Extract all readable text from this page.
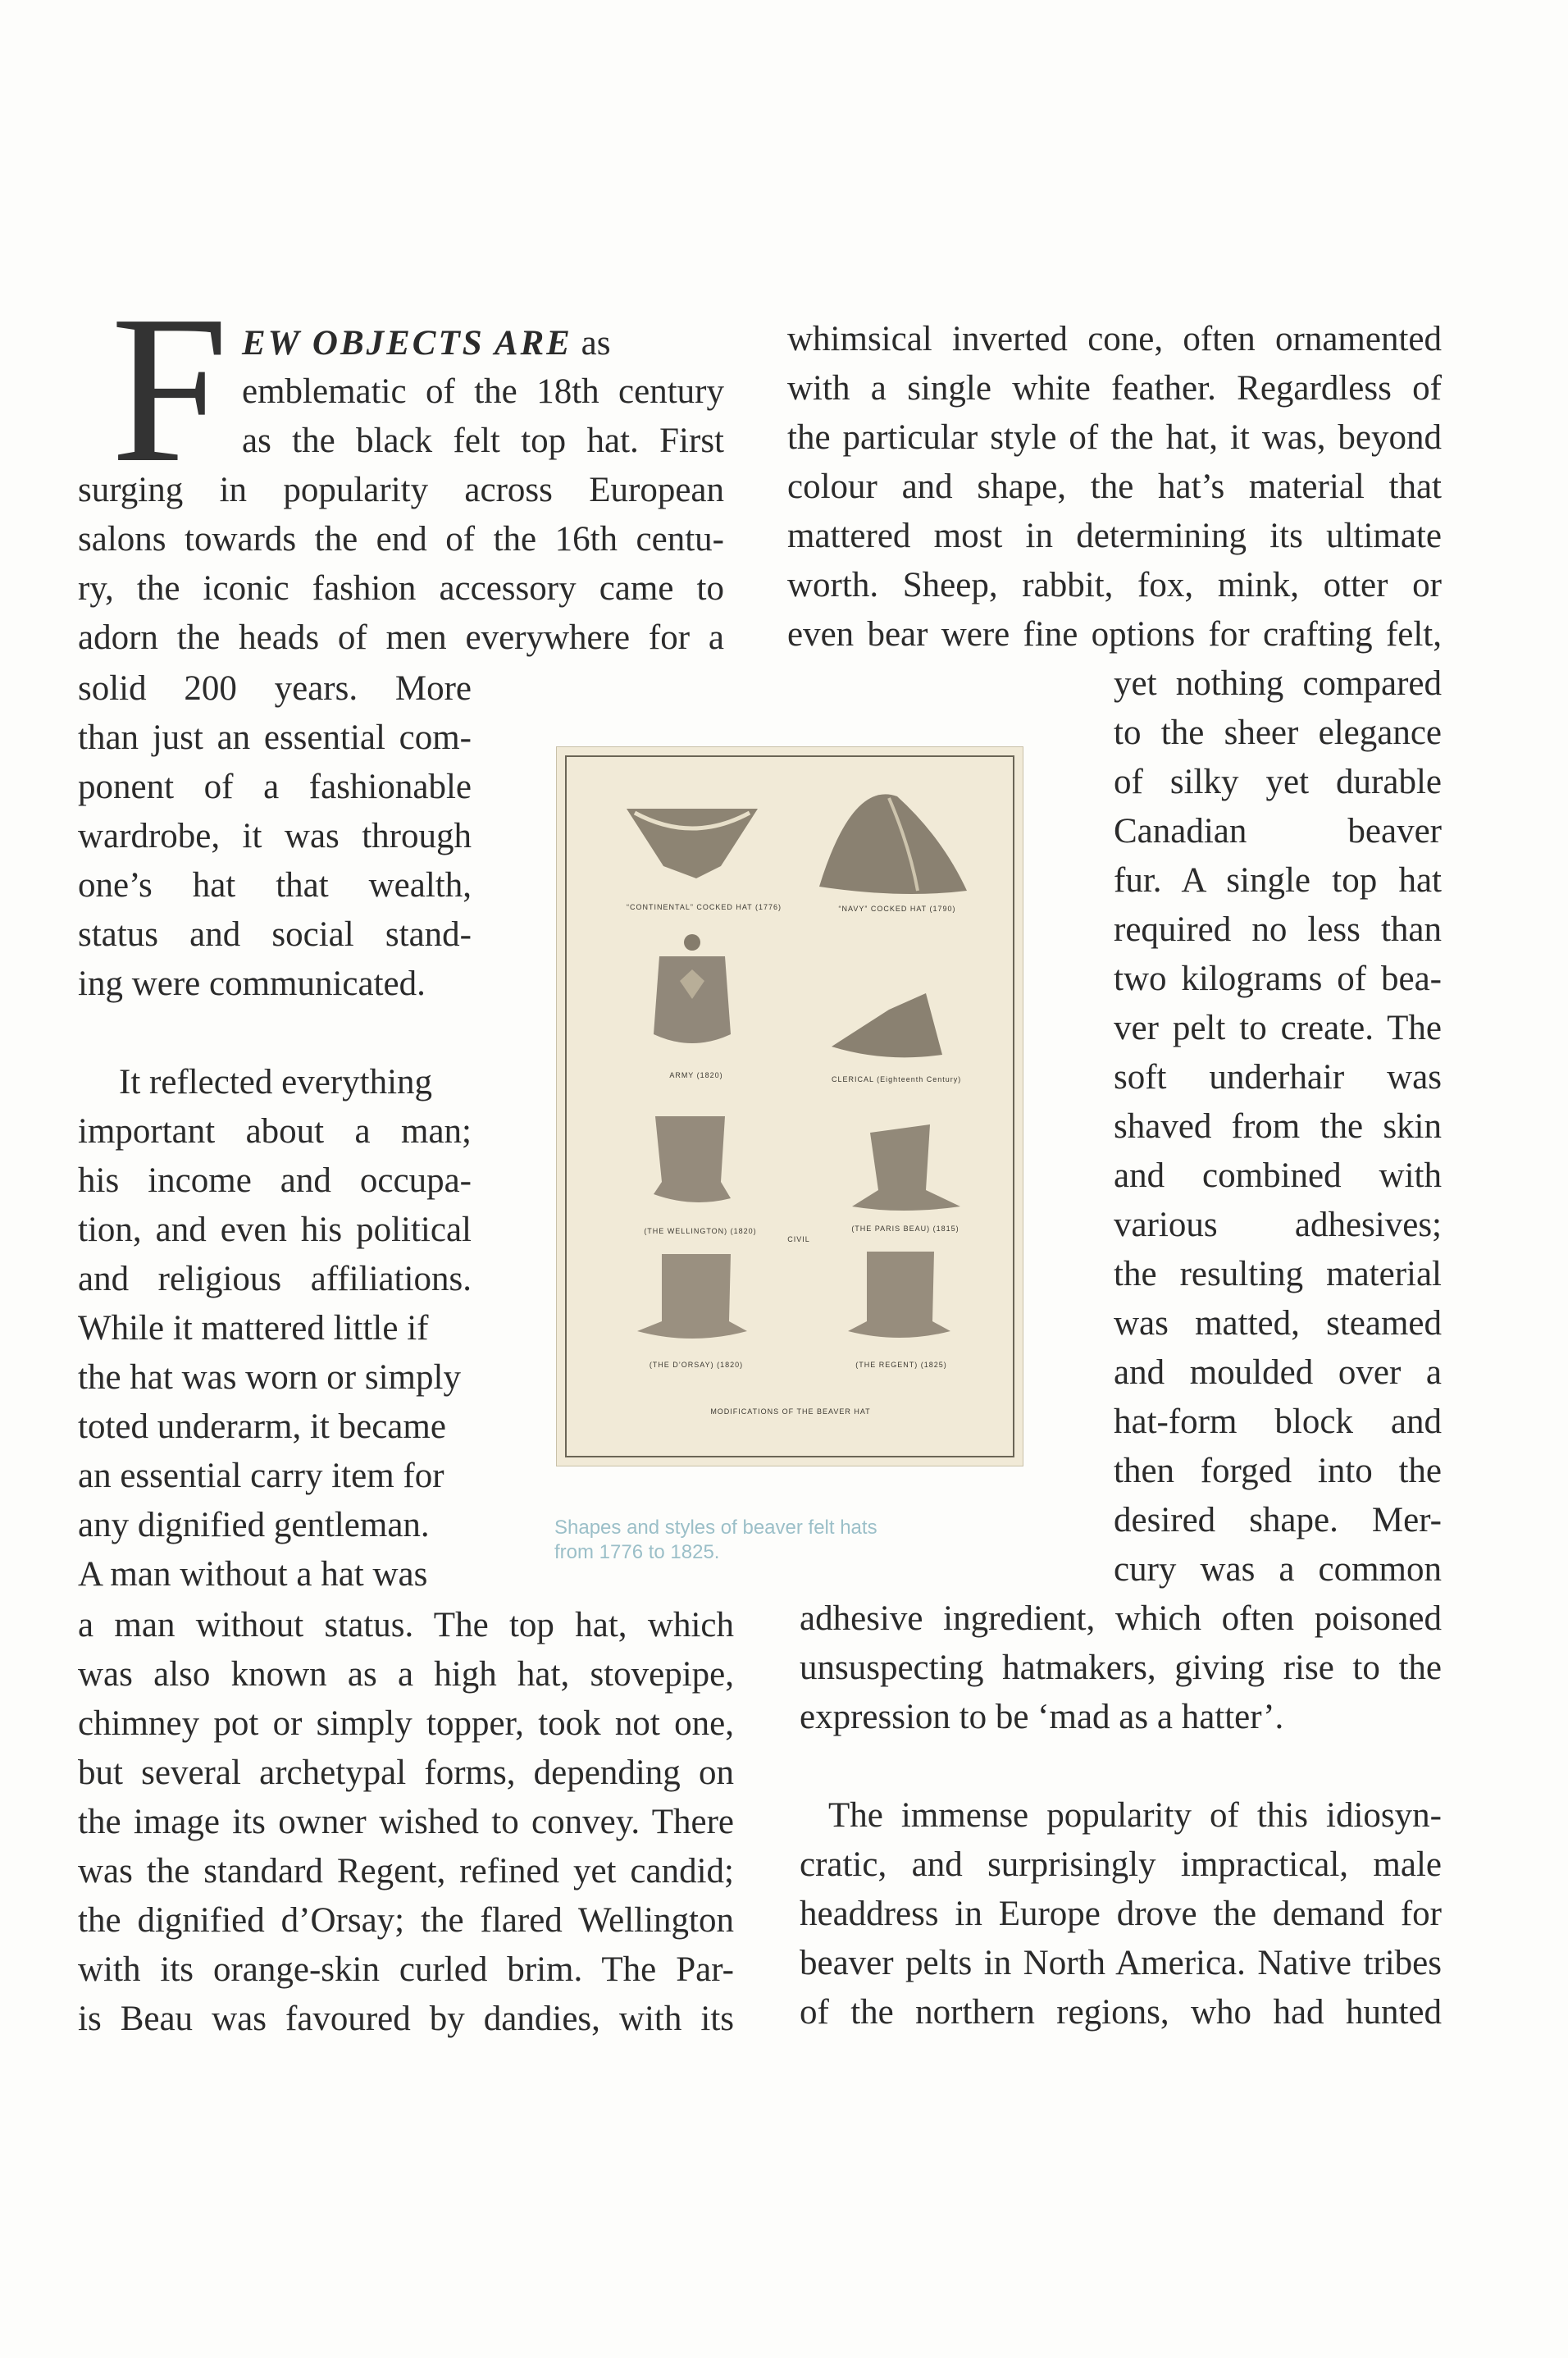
F EW OBJECTS ARE as
emblematic of the 18th century
as the black felt top hat. First
surging in popularity across European
salons towards the end of the 16th centu-
ry, the iconic fashion accessory came to
adorn the heads of men everywhere for a
solid 200 years. More
than just an essential com-
ponent of a fashionable
wardrobe, it was through
one’s hat that wealth,
status and social stand-
ing were communicated.
It reflected everything
important about a man;
his income and occupa-
tion, and even his political
and religious affiliations.
While it mattered little if
the hat was worn or simply
toted underarm, it became
an essential carry item for
any dignified gentleman.
A man without a hat was
a man without status. The top hat, which
was also known as a high hat, stovepipe,
chimney pot or simply topper, took not one,
but several archetypal forms, depending on
the image its owner wished to convey. There
was the standard Regent, refined yet candid;
the dignified d’Orsay; the flared Wellington
with its orange-skin curled brim. The Par-
is Beau was favoured by dandies, with its
whimsical inverted cone, often ornamented
with a single white feather. Regardless of
the particular style of the hat, it was, beyond
colour and shape, the hat’s material that
mattered most in determining its ultimate
worth. Sheep, rabbit, fox, mink, otter or
even bear were fine options for crafting felt,
yet nothing compared
to the sheer elegance
of silky yet durable
Canadian beaver
fur. A single top hat
required no less than
two kilograms of bea-
ver pelt to create. The
soft underhair was
shaved from the skin
and combined with
various adhesives;
the resulting material
was matted, steamed
and moulded over a
hat-form block and
then forged into the
desired shape. Mer-
cury was a common
adhesive ingredient, which often poisoned
unsuspecting hatmakers, giving rise to the
expression to be ‘mad as a hatter’.
The immense popularity of this idiosyn-
cratic, and surprisingly impractical, male
headdress in Europe drove the demand for
beaver pelts in North America. Native tribes
of the northern regions, who had hunted
“CONTINENTAL” COCKED HAT (1776)	“NAVY” COCKED HAT (1790)
ARMY (1820)	CLERICAL (Eighteenth Century)
(THE WELLINGTON) (1820)
CIVIL
(THE PARIS BEAU) (1815)
(THE D’ORSAY) (1820)	(THE REGENT) (1825)
MODIFICATIONS OF THE BEAVER HAT
Shapes and styles of beaver felt hats
from 1776 to 1825.
